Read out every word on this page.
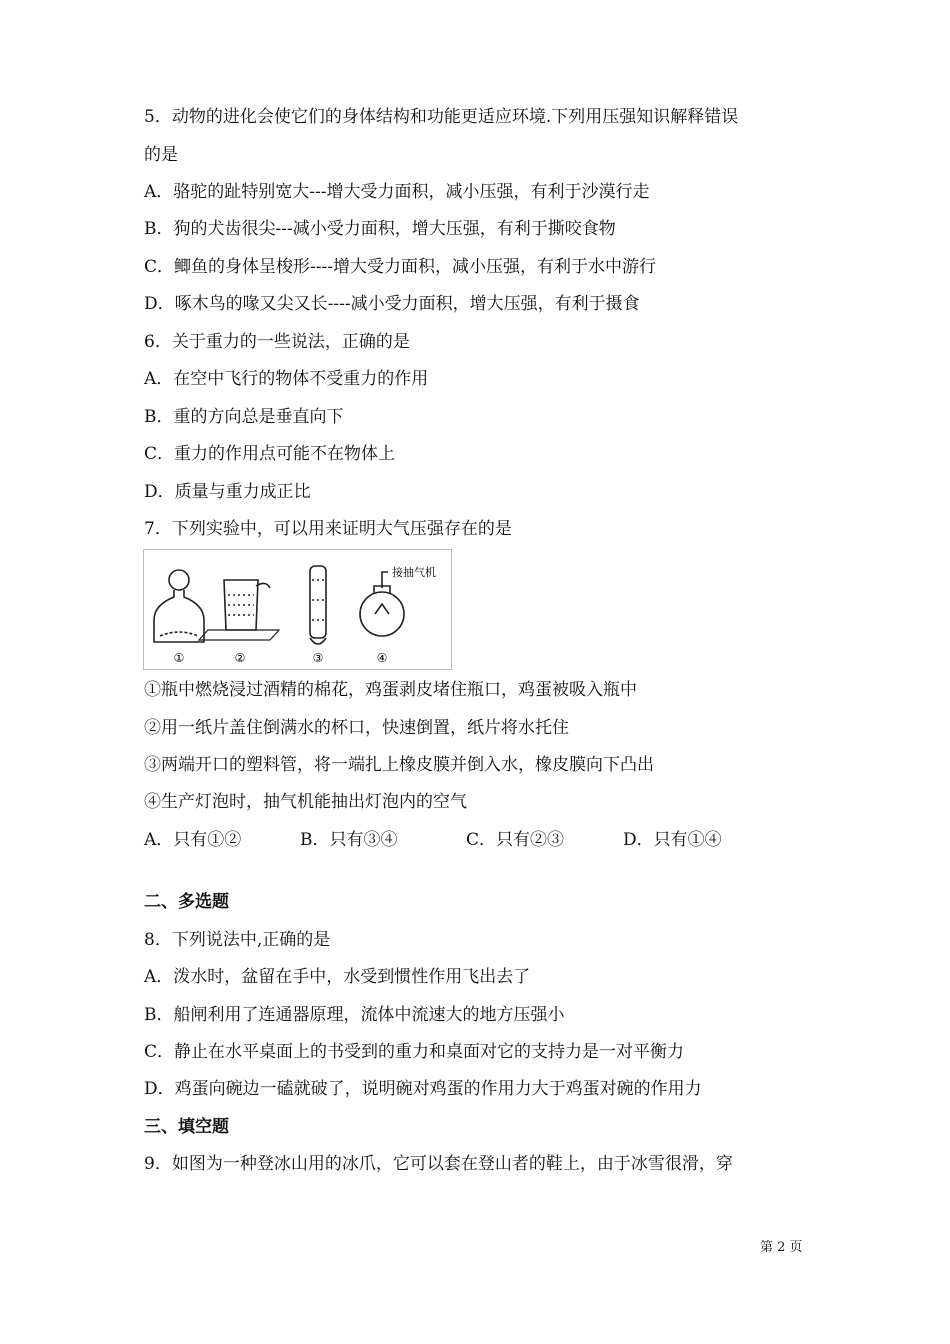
5．动物的进化会使它们的身体结构和功能更适应环境.下列用压强知识解释错误
的是
A．骆驼的趾特别宽大---增大受力面积，减小压强，有利于沙漠行走
B．狗的犬齿很尖---减小受力面积，增大压强，有利于撕咬食物
C．鲫鱼的身体呈梭形----增大受力面积，减小压强，有利于水中游行
D．啄木鸟的喙又尖又长----减小受力面积，增大压强，有利于摄食
6．关于重力的一些说法，正确的是
A．在空中飞行的物体不受重力的作用
B．重的方向总是垂直向下
C．重力的作用点可能不在物体上
D．质量与重力成正比
7．下列实验中，可以用来证明大气压强存在的是
接抽气机
①	②	③	④
①瓶中燃烧浸过酒精的棉花，鸡蛋剥皮堵住瓶口，鸡蛋被吸入瓶中
②用一纸片盖住倒满水的杯口，快速倒置，纸片将水托住
③两端开口的塑料管，将一端扎上橡皮膜并倒入水，橡皮膜向下凸出
④生产灯泡时，抽气机能抽出灯泡内的空气
A．只有①②	B．只有③④	C．只有②③	D．只有①④
二、多选题
8．下列说法中,正确的是
A．泼水时，盆留在手中，水受到惯性作用飞出去了
B．船闸利用了连通器原理，流体中流速大的地方压强小
C．静止在水平桌面上的书受到的重力和桌面对它的支持力是一对平衡力
D．鸡蛋向碗边一磕就破了，说明碗对鸡蛋的作用力大于鸡蛋对碗的作用力
三、填空题
9．如图为一种登冰山用的冰爪，它可以套在登山者的鞋上，由于冰雪很滑，穿
第 2 页
